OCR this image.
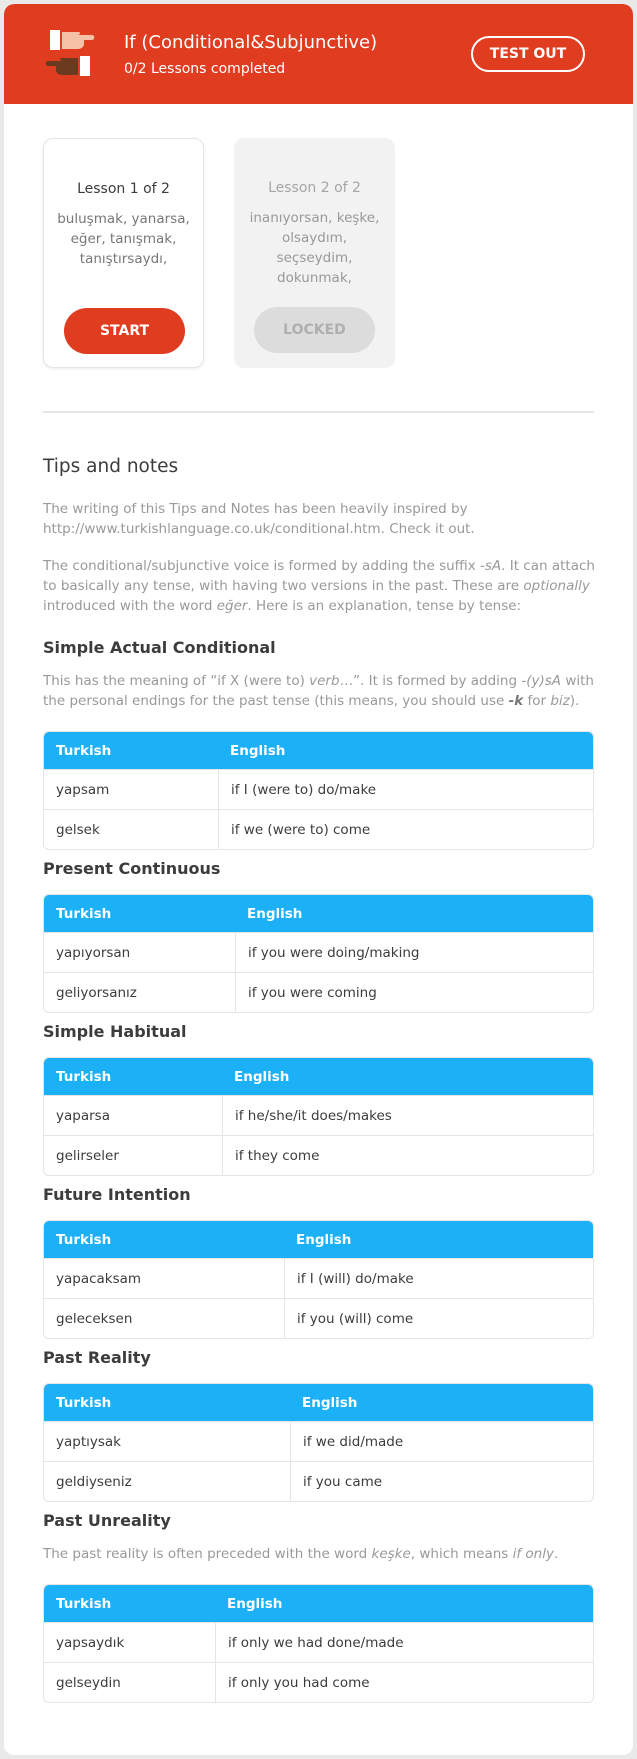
If (Conditional&Subjunctive)
0/2 Lessons completed
TEST OUT
Lesson 1 of 2
buluşmak, yanarsa, eğer, tanışmak, tanıştırsaydı,
START
Lesson 2 of 2
inanıyorsan, keşke, olsaydım, seçseydim, dokunmak,
LOCKED
Tips and notes
The writing of this Tips and Notes has been heavily inspired by http://www.turkishlanguage.co.uk/conditional.htm. Check it out.
The conditional/subjunctive voice is formed by adding the suffix -sA. It can attach to basically any tense, with having two versions in the past. These are optionally introduced with the word eğer. Here is an explanation, tense by tense:
Simple Actual Conditional
This has the meaning of “if X (were to) verb…”. It is formed by adding -(y)sA with the personal endings for the past tense (this means, you should use -k for biz).
Turkish	English
yapsam	if I (were to) do/make
gelsek	if we (were to) come
Present Continuous
Turkish	English
yapıyorsan	if you were doing/making
geliyorsanız	if you were coming
Simple Habitual
Turkish	English
yaparsa	if he/she/it does/makes
gelirseler	if they come
Future Intention
Turkish	English
yapacaksam	if I (will) do/make
geleceksen	if you (will) come
Past Reality
Turkish	English
yaptıysak	if we did/made
geldiyseniz	if you came
Past Unreality
The past reality is often preceded with the word keşke, which means if only.
Turkish	English
yapsaydık	if only we had done/made
gelseydin	if only you had come
